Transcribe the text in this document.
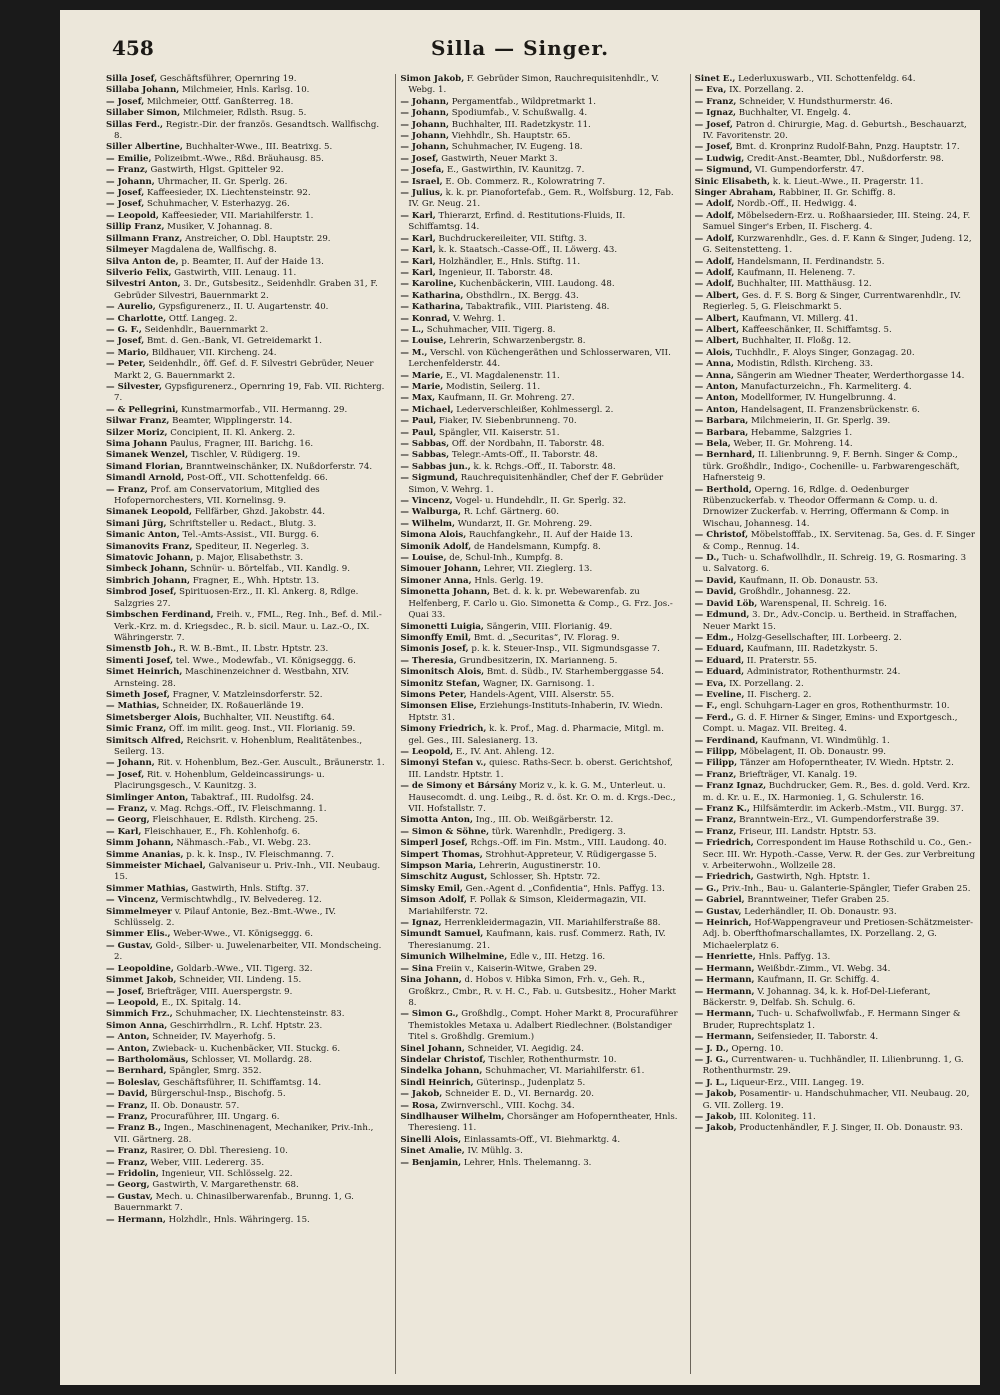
458	Silla — Singer.

Silla Josef, Geschäftsführer, Opernring 19.

Sillaba Johann, Milchmeier, Hnls. Karlsg. 10.

— Josef, Milchmeier, Ottf. Ganßterreg. 18.

Sillaber Simon, Milchmeier, Rdlsth. Rsug. 5.

Sillas Ferd., Registr.-Dir. der französ. Gesandtsch. Wallfischg. 8.

Siller Albertine, Buchhalter-Wwe., III. Beatrixg. 5.

— Emilie, Polizeibmt.-Wwe., Rßd. Bräuhausg. 85.

— Franz, Gastwirth, Hlgst. Gpitteler 92.

— Johann, Uhrmacher, II. Gr. Sperlg. 26.

— Josef, Kaffeesieder, IX. Liechtensteinstr. 92.

— Josef, Schuhmacher, V. Esterhazyg. 26.

— Leopold, Kaffeesieder, VII. Mariahilferstr. 1.

Sillip Franz, Musiker, V. Johannag. 8.

Sillmann Franz, Anstreicher, O. Dbl. Hauptstr. 29.

Silmeyer Magdalena de, Wallfischg. 8.

Silva Anton de, p. Beamter, II. Auf der Haide 13.

Silverio Felix, Gastwirth, VIII. Lenaug. 11.

Silvestri Anton, 3. Dr., Gutsbesitz., Seidenhdlr. Graben 31, F. Gebrüder Silvestri, Bauernmarkt 2.

— Aurelio, Gypsfigurenerz., II. U. Augartenstr. 40.

— Charlotte, Ottf. Langeg. 2.

— G. F., Seidenhdlr., Bauernmarkt 2.

— Josef, Bmt. d. Gen.-Bank, VI. Getreidemarkt 1.

— Mario, Bildhauer, VII. Kircheng. 24.

— Peter, Seidenhdlr., öff. Gef. d. F. Silvestri Gebrüder, Neuer Markt 2, G. Bauernmarkt 2.

— Silvester, Gypsfigurenerz., Opernring 19, Fab. VII. Richterg. 7.

— & Pellegrini, Kunstmarmorfab., VII. Hermanng. 29.

Silwar Franz, Beamter, Wipplingerstr. 14.

Silzer Moriz, Concipient, II. Kl. Ankerg. 2.

Sima Johann Paulus, Fragner, III. Barichg. 16.

Simanek Wenzel, Tischler, V. Rüdigerg. 19.

Simand Florian, Branntweinschänker, IX. Nußdorferstr. 74.

Simandl Arnold, Post-Off., VII. Schottenfeldg. 66.

— Franz, Prof. am Conservatorium, Mitglied des Hofopernorchesters, VII. Kornelinsg. 9.

Simanek Leopold, Fellfärber, Ghzd. Jakobstr. 44.

Simani Jürg, Schriftsteller u. Redact., Blutg. 3.

Simanic Anton, Tel.-Amts-Assist., VII. Burgg. 6.

Simanovits Franz, Spediteur, II. Negerleg. 3.

Simatovic Johann, p. Major, Elisabethstr. 3.

Simbeck Johann, Schnür- u. Börtelfab., VII. Kandlg. 9.

Simbrich Johann, Fragner, E., Whh. Hptstr. 13.

Simbrod Josef, Spirituosen-Erz., II. Kl. Ankerg. 8, Rdlge. Salzgries 27.

Simbschen Ferdinand, Freih. v., FML., Reg. Inh., Bef. d. Mil.-Verk.-Krz. m. d. Kriegsdec., R. b. sicil. Maur. u. Laz.-O., IX. Währingerstr. 7.

Simenstb Joh., R. W. B.-Bmt., II. Lbstr. Hptstr. 23.

Simenti Josef, tel. Wwe., Modewfab., VI. Königseggg. 6.

Simet Heinrich, Maschinenzeichner d. Westbahn, XIV. Arnsteing. 28.

Simeth Josef, Fragner, V. Matzleinsdorferstr. 52.

— Mathias, Schneider, IX. Roßauerlände 19.

Simetsberger Alois, Buchhalter, VII. Neustiftg. 64.

Simic Franz, Off. im milit. geog. Inst., VII. Florianig. 59.

Simitsch Alfred, Reichsrit. v. Hohenblum, Realitätenbes., Seilerg. 13.

— Johann, Rit. v. Hohenblum, Bez.-Ger. Auscult., Bräunerstr. 1.

— Josef, Rit. v. Hohenblum, Geldeincassirungs- u. Placirungsgesch., V. Kaunitzg. 3.

Simlinger Anton, Tabaktraf., III. Rudolfsg. 24.

— Franz, v. Mag. Rchgs.-Off., IV. Fleischmanng. 1.

— Georg, Fleischhauer, E. Rdlsth. Kircheng. 25.

— Karl, Fleischhauer, E., Fh. Kohlenhofg. 6.

Simm Johann, Nähmasch.-Fab., VI. Webg. 23.

Simme Ananias, p. k. k. Insp., IV. Fleischmanng. 7.

Simmeister Michael, Galvaniseur u. Priv.-Inh., VII. Neubaug. 15.

Simmer Mathias, Gastwirth, Hnls. Stiftg. 37.

— Vincenz, Vermischtwhdlg., IV. Belvedereg. 12.

Simmelmeyer v. Pilauf Antonie, Bez.-Bmt.-Wwe., IV. Schlüsselg. 2.

Simmer Elis., Weber-Wwe., VI. Königseggg. 6.

— Gustav, Gold-, Silber- u. Juwelenarbeiter, VII. Mondscheing. 2.

— Leopoldine, Goldarb.-Wwe., VII. Tigerg. 32.

Simmet Jakob, Schneider, VII. Lindeng. 15.

— Josef, Briefträger, VIII. Auerspergstr. 9.

— Leopold, E., IX. Spitalg. 14.

Simmich Frz., Schuhmacher, IX. Liechtensteinstr. 83.

Simon Anna, Geschirrhdlrn., R. Lchf. Hptstr. 23.

— Anton, Schneider, IV. Mayerhofg. 5.

— Anton, Zwieback- u. Kuchenbäcker, VII. Stuckg. 6.

— Bartholomäus, Schlosser, VI. Mollardg. 28.

— Bernhard, Spängler, Smrg. 352.

— Boleslav, Geschäftsführer, II. Schiffamtsg. 14.

— David, Bürgerschul-Insp., Bischofg. 5.

— Franz, II. Ob. Donaustr. 57.

— Franz, Procuraführer, III. Ungarg. 6.

— Franz B., Ingen., Maschinenagent, Mechaniker, Priv.-Inh., VII. Gärtnerg. 28.

— Franz, Rasirer, O. Dbl. Theresieng. 10.

— Franz, Weber, VIII. Ledererg. 35.

— Fridolin, Ingenieur, VII. Schlösselg. 22.

— Georg, Gastwirth, V. Margarethenstr. 68.

— Gustav, Mech. u. Chinasilberwarenfab., Brunng. 1, G. Bauernmarkt 7.

— Hermann, Holzhdlr., Hnls. Währingerg. 15.

Simon Jakob, F. Gebrüder Simon, Rauchrequisitenhdlr., V. Webg. 1.

— Johann, Pergamentfab., Wildpretmarkt 1.

— Johann, Spodiumfab., V. Schußwallg. 4.

— Johann, Buchhalter, III. Radetzkystr. 11.

— Johann, Viehhdlr., Sh. Hauptstr. 65.

— Johann, Schuhmacher, IV. Eugeng. 18.

— Josef, Gastwirth, Neuer Markt 3.

— Josefa, E., Gastwirthin, IV. Kaunitzg. 7.

— Israel, E. Ob. Commerz. R., Kolowratring 7.

— Julius, k. k. pr. Pianofortefab., Gem. R., Wolfsburg. 12, Fab. IV. Gr. Neug. 21.

— Karl, Thierarzt, Erfind. d. Restitutions-Fluids, II. Schiffamtsg. 14.

— Karl, Buchdruckereileiter, VII. Stiftg. 3.

— Karl, k. k. Staatsch.-Casse-Off., II. Löwerg. 43.

— Karl, Holzhändler, E., Hnls. Stiftg. 11.

— Karl, Ingenieur, II. Taborstr. 48.

— Karoline, Kuchenbäckerin, VIII. Laudong. 48.

— Katharina, Obsthdlrn., IX. Bergg. 43.

— Katharina, Tabaktrafik., VIII. Piaristeng. 48.

— Konrad, V. Wehrg. 1.

— L., Schuhmacher, VIII. Tigerg. 8.

— Louise, Lehrerin, Schwarzenbergstr. 8.

— M., Verschl. von Küchengeräthen und Schlosserwaren, VII. Lerchenfelderstr. 44.

— Marie, E., VI. Magdalenenstr. 11.

— Marie, Modistin, Seilerg. 11.

— Max, Kaufmann, II. Gr. Mohreng. 27.

— Michael, Lederverschleißer, Kohlmessergl. 2.

— Paul, Fiaker, IV. Siebenbrunneng. 70.

— Paul, Spängler, VII. Kaiserstr. 51.

— Sabbas, Off. der Nordbahn, II. Taborstr. 48.

— Sabbas, Telegr.-Amts-Off., II. Taborstr. 48.

— Sabbas jun., k. k. Rchgs.-Off., II. Taborstr. 48.

— Sigmund, Rauchrequisitenhändler, Chef der F. Gebrüder Simon, V. Wehrg. 1.

— Vincenz, Vogel- u. Hundehdlr., II. Gr. Sperlg. 32.

— Walburga, R. Lchf. Gärtnerg. 60.

— Wilhelm, Wundarzt, II. Gr. Mohreng. 29.

Simona Alois, Rauchfangkehr., II. Auf der Haide 13.

Simonik Adolf, de Handelsmann, Kumpfg. 8.

— Louise, de, Schul-Inh., Kumpfg. 8.

Simouer Johann, Lehrer, VII. Zieglerg. 13.

Simoner Anna, Hnls. Gerlg. 19.

Simonetta Johann, Bet. d. k. k. pr. Webewarenfab. zu Helfenberg, F. Carlo u. Gio. Simonetta & Comp., G. Frz. Jos.-Quai 33.

Simonetti Luigia, Sängerin, VIII. Florianig. 49.

Simonffy Emil, Bmt. d. „Securitas“, IV. Florag. 9.

Simonis Josef, p. k. k. Steuer-Insp., VII. Sigmundsgasse 7.

— Theresia, Grundbesitzerin, IX. Marianneng. 5.

Simonitsch Alois, Bmt. d. Südb., IV. Starhemberggasse 54.

Simonitz Stefan, Wagner, IX. Garnisong. 1.

Simons Peter, Handels-Agent, VIII. Alserstr. 55.

Simonsen Elise, Erziehungs-Instituts-Inhaberin, IV. Wiedn. Hptstr. 31.

Simony Friedrich, k. k. Prof., Mag. d. Pharmacie, Mitgl. m. gel. Ges., III. Salesianerg. 13.

— Leopold, E., IV. Ant. Ahleng. 12.

Simonyi Stefan v., quiesc. Raths-Secr. b. oberst. Gerichtshof, III. Landstr. Hptstr. 1.

— de Simony et Bársány Moriz v., k. k. G. M., Unterleut. u. Hausecomdt. d. ung. Leibg., R. d. öst. Kr. O. m. d. Krgs.-Dec., VII. Hofstallstr. 7.

Simotta Anton, Ing., III. Ob. Weißgärberstr. 12.

— Simon & Söhne, türk. Warenhdlr., Predigerg. 3.

Simperl Josef, Rchgs.-Off. im Fin. Mstm., VIII. Laudong. 40.

Simpert Thomas, Strohhut-Appreteur, V. Rüdigergasse 5.

Simpson Maria, Lehrerin, Augustinerstr. 10.

Simschitz August, Schlosser, Sh. Hptstr. 72.

Simsky Emil, Gen.-Agent d. „Confidentia“, Hnls. Paffyg. 13.

Simson Adolf, F. Pollak & Simson, Kleidermagazin, VII. Mariahilferstr. 72.

— Ignaz, Herrenkleidermagazin, VII. Mariahilferstraße 88.

Simundt Samuel, Kaufmann, kais. rusf. Commerz. Rath, IV. Theresianumg. 21.

Simunich Wilhelmine, Edle v., III. Hetzg. 16.

— Sina Freiin v., Kaiserin-Witwe, Graben 29.

Sina Johann, d. Hobos v. Hibka Simon, Frh. v., Geh. R., Großkrz., Cmbr., R. v. H. C., Fab. u. Gutsbesitz., Hoher Markt 8.

— Simon G., Großhdlg., Compt. Hoher Markt 8, Procuraführer Themistokles Metaxa u. Adalbert Riedlechner. (Bolstandiger Titel s. Großhdlg. Gremium.)

Sinel Johann, Schneider, VI. Aegidig. 24.

Sindelar Christof, Tischler, Rothenthurmstr. 10.

Sindelka Johann, Schuhmacher, VI. Mariahilferstr. 61.

Sindl Heinrich, Güterinsp., Judenplatz 5.

— Jakob, Schneider E. D., VI. Bernardg. 20.

— Rosa, Zwirnverschl., VIII. Kochg. 34.

Sindlhauser Wilhelm, Chorsänger am Hofoperntheater, Hnls. Theresieng. 11.

Sinelli Alois, Einlassamts-Off., VI. Biehmarktg. 4.

Sinet Amalie, IV. Mühlg. 3.

— Benjamin, Lehrer, Hnls. Thelemanng. 3.

Sinet E., Lederluxuswarb., VII. Schottenfeldg. 64.

— Eva, IX. Porzellang. 2.

— Franz, Schneider, V. Hundsthurmerstr. 46.

— Ignaz, Buchhalter, VI. Engelg. 4.

— Josef, Patron d. Chirurgie, Mag. d. Geburtsh., Beschauarzt, IV. Favoritenstr. 20.

— Josef, Bmt. d. Kronprinz Rudolf-Bahn, Pnzg. Hauptstr. 17.

— Ludwig, Credit-Anst.-Beamter, Dbl., Nußdorferstr. 98.

— Sigmund, VI. Gumpendorferstr. 47.

Sinic Elisabeth, k. k. Lieut.-Wwe., II. Pragerstr. 11.

Singer Abraham, Rabbiner, II. Gr. Schiffg. 8.

— Adolf, Nordb.-Off., II. Hedwigg. 4.

— Adolf, Möbelsedern-Erz. u. Roßhaarsieder, III. Steing. 24, F. Samuel Singer's Erben, II. Fischerg. 4.

— Adolf, Kurzwarenhdlr., Ges. d. F. Kann & Singer, Judeng. 12, G. Seitenstetteng. 1.

— Adolf, Handelsmann, II. Ferdinandstr. 5.

— Adolf, Kaufmann, II. Heleneng. 7.

— Adolf, Buchhalter, III. Matthäusg. 12.

— Albert, Ges. d. F. S. Borg & Singer, Currentwarenhdlr., IV. Regierleg. 5, G. Fleischmarkt 5.

— Albert, Kaufmann, VI. Millerg. 41.

— Albert, Kaffeeschänker, II. Schiffamtsg. 5.

— Albert, Buchhalter, II. Floßg. 12.

— Alois, Tuchhdlr., F. Aloys Singer, Gonzagag. 20.

— Anna, Modistin, Rdlsth. Kircheng. 33.

— Anna, Sängerin am Wiedner Theater, Werderthorgasse 14.

— Anton, Manufacturzeichn., Fh. Karmeliterg. 4.

— Anton, Modellformer, IV. Hungelbrunng. 4.

— Anton, Handelsagent, II. Franzensbrückenstr. 6.

— Barbara, Milchmeierin, II. Gr. Sperlg. 39.

— Barbara, Hebamme, Salzgries 1.

— Bela, Weber, II. Gr. Mohreng. 14.

— Bernhard, II. Lilienbrunng. 9, F. Bernh. Singer & Comp., türk. Großhdlr., Indigo-, Cochenille- u. Farbwarengeschäft, Hafnersteig 9.

— Berthold, Operng. 16, Rdlge. d. Oedenburger Rübenzuckerfab. v. Theodor Offermann & Comp. u. d. Drnowizer Zuckerfab. v. Herring, Offermann & Comp. in Wischau, Johannesg. 14.

— Christof, Möbelstofffab., IX. Servitenag. 5a, Ges. d. F. Singer & Comp., Rennug. 14.

— D., Tuch- u. Schafwollhdlr., II. Schreig. 19, G. Rosmaring. 3 u. Salvatorg. 6.

— David, Kaufmann, II. Ob. Donaustr. 53.

— David, Großhdlr., Johannesg. 22.

— David Löb, Warenspenal, II. Schreig. 16.

— Edmund, 3. Dr., Adv.-Concip. u. Bertheid. in Straffachen, Neuer Markt 15.

— Edm., Holzg-Gesellschafter, III. Lorbeerg. 2.

— Eduard, Kaufmann, III. Radetzkystr. 5.

— Eduard, II. Praterstr. 55.

— Eduard, Administrator, Rothenthurmstr. 24.

— Eva, IX. Porzellang. 2.

— Eveline, II. Fischerg. 2.

— F., engl. Schuhgarn-Lager en gros, Rothenthurmstr. 10.

— Ferd., G. d. F. Hirner & Singer, Emins- und Exportgesch., Compt. u. Magaz. VII. Breiteg. 4.

— Ferdinand, Kaufmann, VI. Windmühlg. 1.

— Filipp, Möbelagent, II. Ob. Donaustr. 99.

— Filipp, Tänzer am Hofoperntheater, IV. Wiedn. Hptstr. 2.

— Franz, Briefträger, VI. Kanalg. 19.

— Franz Ignaz, Buchdrucker, Gem. R., Bes. d. gold. Verd. Krz. m. d. Kr. u. E., IX. Harmonieg. 1, G. Schulerstr. 16.

— Franz K., Hilfsämterdir. im Ackerb.-Mstm., VII. Burgg. 37.

— Franz, Branntwein-Erz., VI. Gumpendorferstraße 39.

— Franz, Friseur, III. Landstr. Hptstr. 53.

— Friedrich, Correspondent im Hause Rothschild u. Co., Gen.-Secr. III. Wr. Hypoth.-Casse, Verw. R. der Ges. zur Verbreitung v. Arbeiterwohn., Wollzeile 28.

— Friedrich, Gastwirth, Ngh. Hptstr. 1.

— G., Priv.-Inh., Bau- u. Galanterie-Spängler, Tiefer Graben 25.

— Gabriel, Branntweiner, Tiefer Graben 25.

— Gustav, Lederhändler, II. Ob. Donaustr. 93.

— Heinrich, Hof-Wappengraveur und Pretiosen-Schätzmeister-Adj. b. Oberfthofmarschallamtes, IX. Porzellang. 2, G. Michaelerplatz 6.

— Henriette, Hnls. Paffyg. 13.

— Hermann, Weißbdr.-Zimm., VI. Webg. 34.

— Hermann, Kaufmann, II. Gr. Schiffg. 4.

— Hermann, V. Johannag. 34, k. k. Hof-Del-Lieferant, Bäckerstr. 9, Delfab. Sh. Schulg. 6.

— Hermann, Tuch- u. Schafwollwfab., F. Hermann Singer & Bruder, Ruprechtsplatz 1.

— Hermann, Seifensieder, II. Taborstr. 4.

— J. D., Operng. 10.

— J. G., Currentwaren- u. Tuchhändler, II. Lilienbrunng. 1, G. Rothenthurmstr. 29.

— J. L., Liqueur-Erz., VIII. Langeg. 19.

— Jakob, Posamentir- u. Handschuhmacher, VII. Neubaug. 20, G. VII. Zollerg. 19.

— Jakob, III. Koloniteg. 11.

— Jakob, Productenhändler, F. J. Singer, II. Ob. Donaustr. 93.
